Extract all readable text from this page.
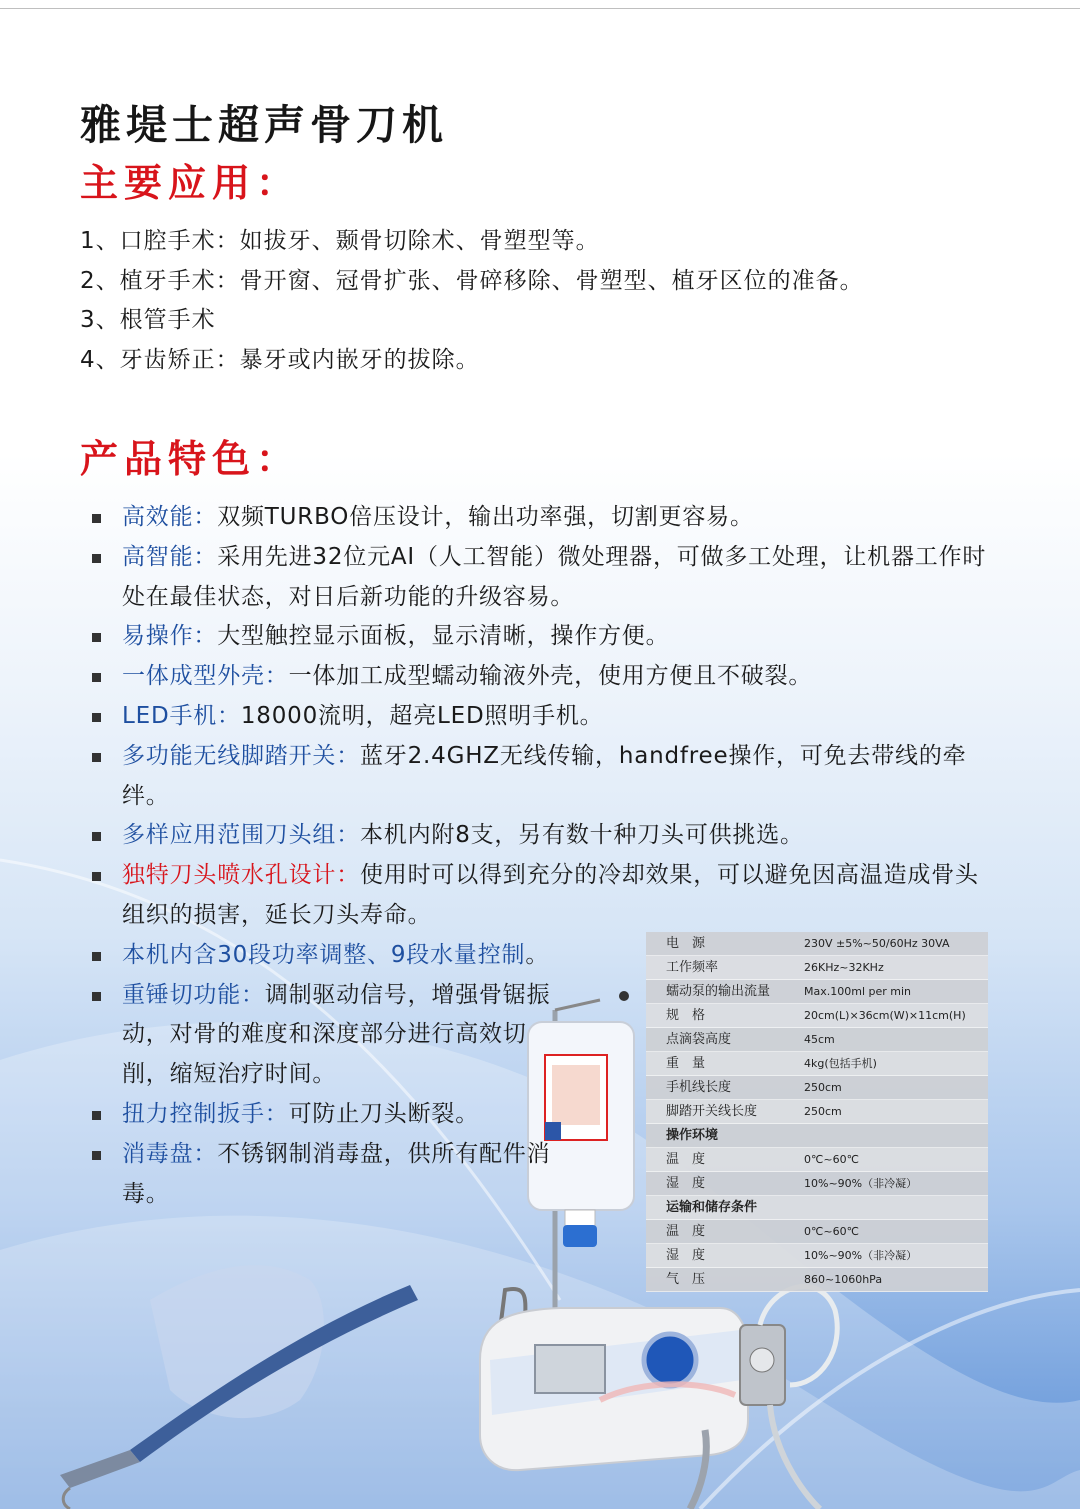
雅堤士超声骨刀机
主要应用：
1、口腔手术：如拔牙、颞骨切除术、骨塑型等。
2、植牙手术：骨开窗、冠骨扩张、骨碎移除、骨塑型、植牙区位的准备。
3、根管手术
4、牙齿矫正：暴牙或内嵌牙的拔除。
产品特色：
高效能：双频TURBO倍压设计，输出功率强，切割更容易。
高智能：采用先进32位元AI（人工智能）微处理器，可做多工处理，让机器工作时处在最佳状态，对日后新功能的升级容易。
易操作：大型触控显示面板，显示清晰，操作方便。
一体成型外壳：一体加工成型蠕动输液外壳，使用方便且不破裂。
LED手机：18000流明，超亮LED照明手机。
多功能无线脚踏开关：蓝牙2.4GHZ无线传输，handfree操作，可免去带线的牵绊。
多样应用范围刀头组：本机内附8支，另有数十种刀头可供挑选。
独特刀头喷水孔设计：使用时可以得到充分的冷却效果，可以避免因高温造成骨头组织的损害，延长刀头寿命。
本机内含30段功率调整、9段水量控制。
重锤切功能：调制驱动信号，增强骨锯振动，对骨的难度和深度部分进行高效切削，缩短治疗时间。
扭力控制扳手：可防止刀头断裂。
消毒盘：不锈钢制消毒盘，供所有配件消毒。
电　源	230V ±5%~50/60Hz 30VA
工作频率	26KHz~32KHz
蠕动泵的输出流量	Max.100ml per min
规　格	20cm(L)×36cm(W)×11cm(H)
点滴袋高度	45cm
重　量	4kg(包括手机)
手机线长度	250cm
脚踏开关线长度	250cm
操作环境
温　度	0℃~60℃
湿　度	10%~90%（非冷凝）
运输和储存条件
温　度	0℃~60℃
湿　度	10%~90%（非冷凝）
气　压	860~1060hPa
